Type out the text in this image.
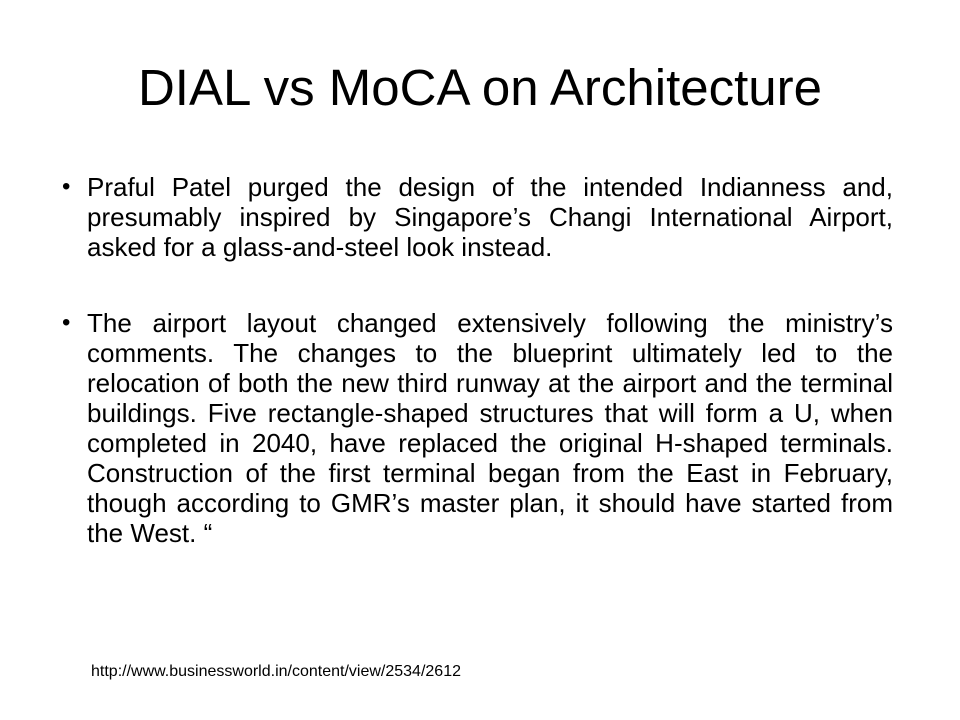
DIAL vs MoCA on Architecture
• Praful Patel purged the design of the intended Indianness and, presumably inspired by Singapore’s Changi International Airport, asked for a glass-and-steel look instead.
• The airport layout changed extensively following the ministry’s comments. The changes to the blueprint ultimately led to the relocation of both the new third runway at the airport and the terminal buildings. Five rectangle-shaped structures that will form a U, when completed in 2040, have replaced the original H-shaped terminals. Construction of the first terminal began from the East in February, though according to GMR’s master plan, it should have started from the West. “
http://www.businessworld.in/content/view/2534/2612
